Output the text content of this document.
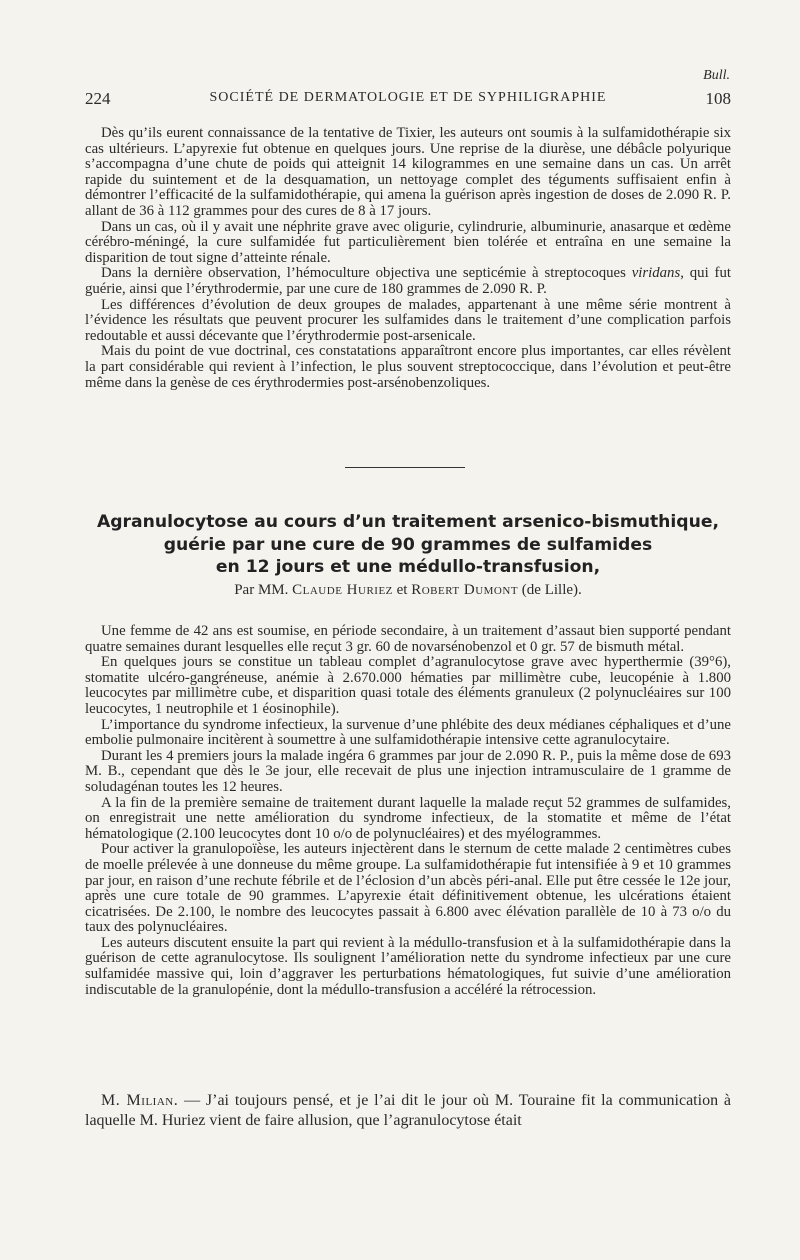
Bull.
224	SOCIÉTÉ DE DERMATOLOGIE ET DE SYPHILIGRAPHIE	108

Dès qu’ils eurent connaissance de la tentative de Tixier, les auteurs ont soumis à la sulfamidothérapie six cas ultérieurs. L’apyrexie fut obtenue en quelques jours. Une reprise de la diurèse, une débâcle polyurique s’accompagna d’une chute de poids qui atteignit 14 kilogrammes en une semaine dans un cas. Un arrêt rapide du suintement et de la desquamation, un nettoyage complet des téguments suffisaient enfin à démontrer l’efficacité de la sulfamidothérapie, qui amena la guérison après ingestion de doses de 2.090 R. P. allant de 36 à 112 grammes pour des cures de 8 à 17 jours.

Dans un cas, où il y avait une néphrite grave avec oligurie, cylindrurie, albuminurie, anasarque et œdème cérébro-méningé, la cure sulfamidée fut particulièrement bien tolérée et entraîna en une semaine la disparition de tout signe d’atteinte rénale.

Dans la dernière observation, l’hémoculture objectiva une septicémie à streptocoques viridans, qui fut guérie, ainsi que l’érythrodermie, par une cure de 180 grammes de 2.090 R. P.

Les différences d’évolution de deux groupes de malades, appartenant à une même série montrent à l’évidence les résultats que peuvent procurer les sulfamides dans le traitement d’une complication parfois redoutable et aussi décevante que l’érythrodermie post-arsenicale.

Mais du point de vue doctrinal, ces constatations apparaîtront encore plus importantes, car elles révèlent la part considérable qui revient à l’infection, le plus souvent streptococcique, dans l’évolution et peut-être même dans la genèse de ces érythrodermies post-arsénobenzoliques.

Agranulocytose au cours d’un traitement arsenico-bismuthique,
guérie par une cure de 90 grammes de sulfamides
en 12 jours et une médullo-transfusion,
Par MM. Claude Huriez et Robert Dumont (de Lille).

Une femme de 42 ans est soumise, en période secondaire, à un traitement d’assaut bien supporté pendant quatre semaines durant lesquelles elle reçut 3 gr. 60 de novarsénobenzol et 0 gr. 57 de bismuth métal.

En quelques jours se constitue un tableau complet d’agranulocytose grave avec hyperthermie (39°6), stomatite ulcéro-gangréneuse, anémie à 2.670.000 hématies par millimètre cube, leucopénie à 1.800 leucocytes par millimètre cube, et disparition quasi totale des éléments granuleux (2 polynucléaires sur 100 leucocytes, 1 neutrophile et 1 éosinophile).

L’importance du syndrome infectieux, la survenue d’une phlébite des deux médianes céphaliques et d’une embolie pulmonaire incitèrent à soumettre à une sulfamidothérapie intensive cette agranulocytaire.

Durant les 4 premiers jours la malade ingéra 6 grammes par jour de 2.090 R. P., puis la même dose de 693 M. B., cependant que dès le 3e jour, elle recevait de plus une injection intramusculaire de 1 gramme de soludagénan toutes les 12 heures.

A la fin de la première semaine de traitement durant laquelle la malade reçut 52 grammes de sulfamides, on enregistrait une nette amélioration du syndrome infectieux, de la stomatite et même de l’état hématologique (2.100 leucocytes dont 10 o/o de polynucléaires) et des myélogrammes.

Pour activer la granulopoïèse, les auteurs injectèrent dans le sternum de cette malade 2 centimètres cubes de moelle prélevée à une donneuse du même groupe. La sulfamidothérapie fut intensifiée à 9 et 10 grammes par jour, en raison d’une rechute fébrile et de l’éclosion d’un abcès péri-anal. Elle put être cessée le 12e jour, après une cure totale de 90 grammes. L’apyrexie était définitivement obtenue, les ulcérations étaient cicatrisées. De 2.100, le nombre des leucocytes passait à 6.800 avec élévation parallèle de 10 à 73 o/o du taux des polynucléaires.

Les auteurs discutent ensuite la part qui revient à la médullo-transfusion et à la sulfamidothérapie dans la guérison de cette agranulocytose. Ils soulignent l’amélioration nette du syndrome infectieux par une cure sulfamidée massive qui, loin d’aggraver les perturbations hématologiques, fut suivie d’une amélioration indiscutable de la granulopénie, dont la médullo-transfusion a accéléré la rétrocession.

M. Milian. — J’ai toujours pensé, et je l’ai dit le jour où M. Touraine fit la communication à laquelle M. Huriez vient de faire allusion, que l’agranulocytose était
